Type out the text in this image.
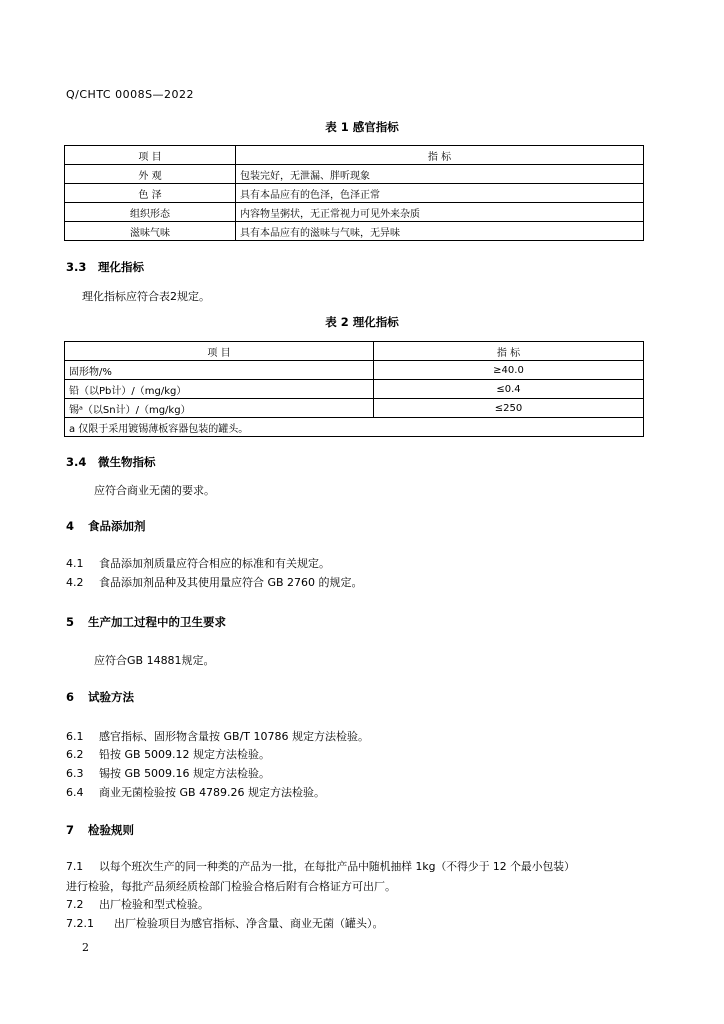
Q/CHTC 0008S—2022
表 1 感官指标
项 目	指 标
外 观	包装完好，无泄漏、胖听现象
色 泽	具有本品应有的色泽，色泽正常
组织形态	内容物呈粥状，无正常视力可见外来杂质
滋味气味	具有本品应有的滋味与气味，无异味
3.3 理化指标
理化指标应符合表2规定。
表 2 理化指标
项 目	指 标
固形物/%	≥40.0
铅（以Pb计）/（mg/kg）	≤0.4
锡ᵃ（以Sn计）/（mg/kg）	≤250
a 仅限于采用镀锡薄板容器包装的罐头。	
3.4 微生物指标
应符合商业无菌的要求。
4 食品添加剂
4.1 食品添加剂质量应符合相应的标准和有关规定。
4.2 食品添加剂品种及其使用量应符合 GB 2760 的规定。
5 生产加工过程中的卫生要求
应符合GB 14881规定。
6 试验方法
6.1 感官指标、固形物含量按 GB/T 10786 规定方法检验。
6.2 铅按 GB 5009.12 规定方法检验。
6.3 锡按 GB 5009.16 规定方法检验。
6.4 商业无菌检验按 GB 4789.26 规定方法检验。
7 检验规则
7.1 以每个班次生产的同一种类的产品为一批，在每批产品中随机抽样 1kg（不得少于 12 个最小包装）
进行检验，每批产品须经质检部门检验合格后附有合格证方可出厂。
7.2 出厂检验和型式检验。
7.2.1 出厂检验项目为感官指标、净含量、商业无菌（罐头）。
2
